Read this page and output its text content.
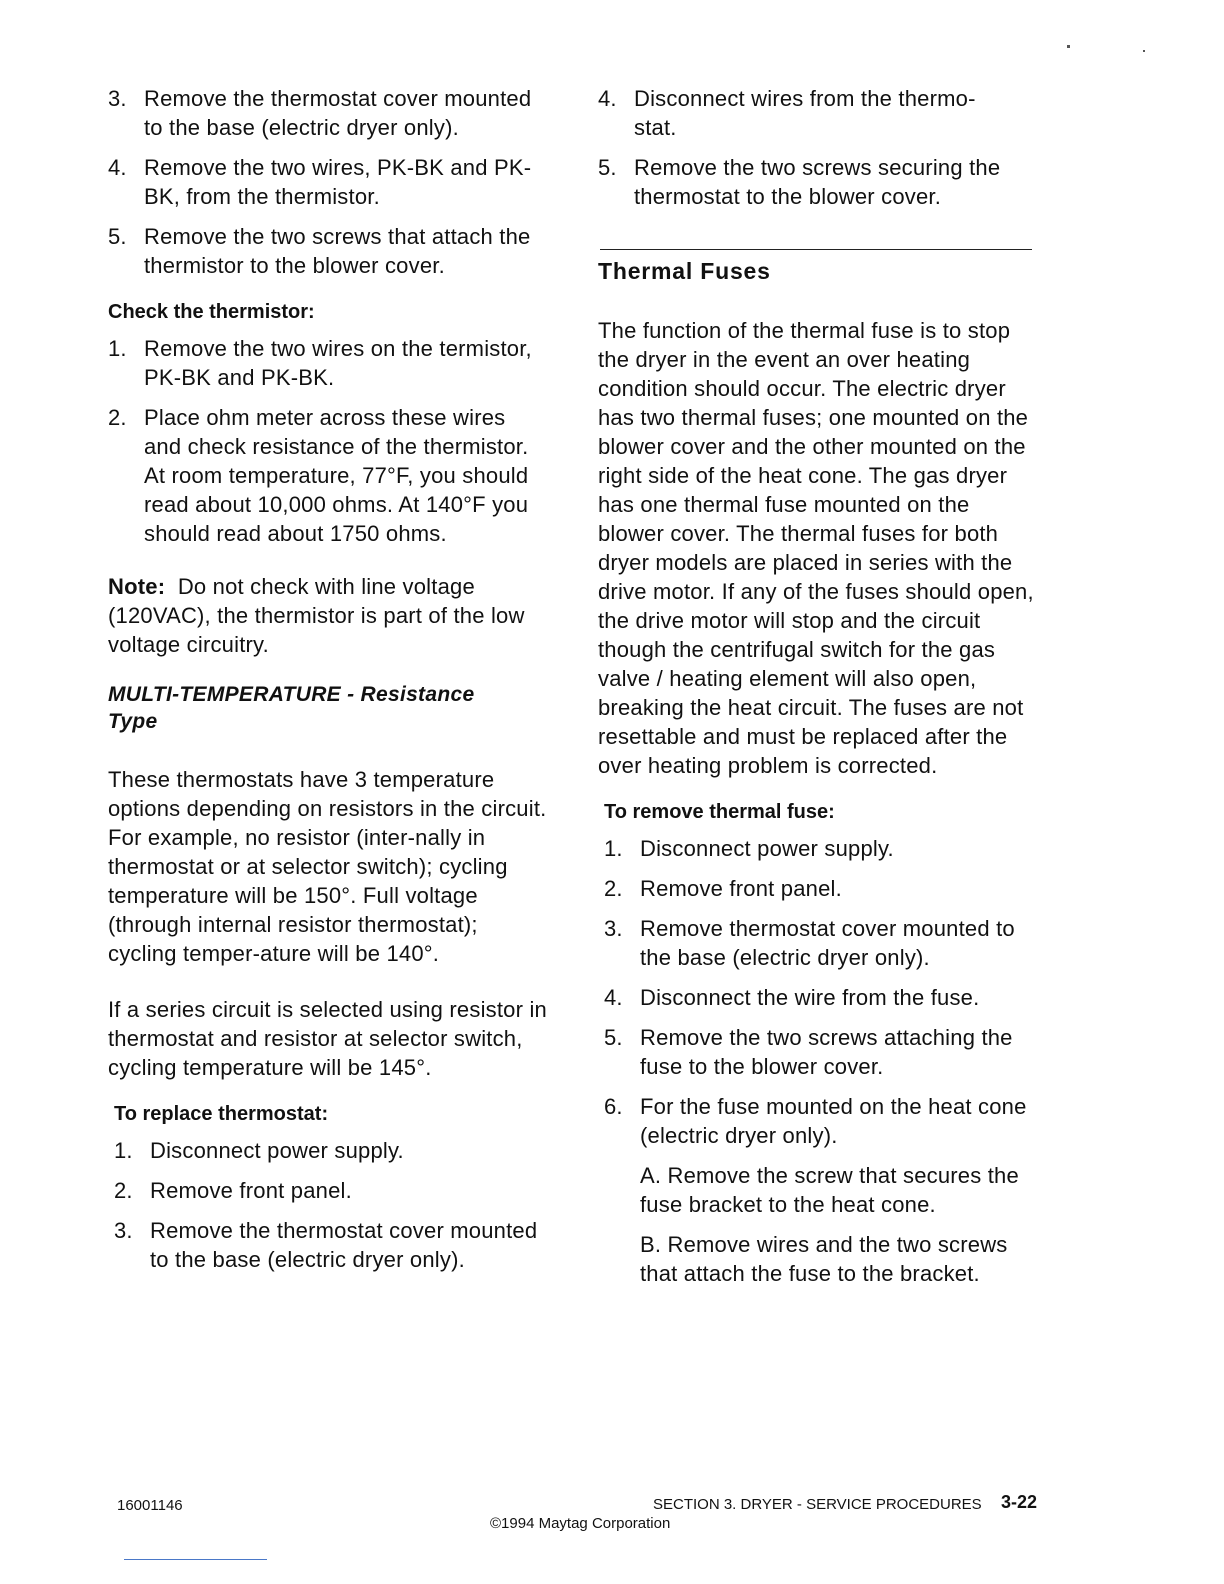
3. Remove the thermostat cover mounted to the base (electric dryer only).
4. Remove the two wires, PK-BK and PK-BK, from the thermistor.
5. Remove the two screws that attach the thermistor to the blower cover.
Check the thermistor:
1. Remove the two wires on the termistor, PK-BK and PK-BK.
2. Place ohm meter across these wires and check resistance of the thermistor. At room temperature, 77°F, you should read about 10,000 ohms. At 140°F you should read about 1750 ohms.
Note: Do not check with line voltage (120VAC), the thermistor is part of the low voltage circuitry.
MULTI-TEMPERATURE - Resistance Type
These thermostats have 3 temperature options depending on resistors in the circuit. For example, no resistor (inter-nally in thermostat or at selector switch); cycling temperature will be 150°. Full voltage (through internal resistor thermostat); cycling temper-ature will be 140°.
If a series circuit is selected using resistor in thermostat and resistor at selector switch, cycling temperature will be 145°.
To replace thermostat:
1. Disconnect power supply.
2. Remove front panel.
3. Remove the thermostat cover mounted to the base (electric dryer only).
4. Disconnect wires from the thermo-stat.
5. Remove the two screws securing the thermostat to the blower cover.
Thermal Fuses
The function of the thermal fuse is to stop the dryer in the event an over heating condition should occur. The electric dryer has two thermal fuses; one mounted on the blower cover and the other mounted on the right side of the heat cone. The gas dryer has one thermal fuse mounted on the blower cover. The thermal fuses for both dryer models are placed in series with the drive motor. If any of the fuses should open, the drive motor will stop and the circuit though the centrifugal switch for the gas valve / heating element will also open, breaking the heat circuit. The fuses are not resettable and must be replaced after the over heating problem is corrected.
To remove thermal fuse:
1. Disconnect power supply.
2. Remove front panel.
3. Remove thermostat cover mounted to the base (electric dryer only).
4. Disconnect the wire from the fuse.
5. Remove the two screws attaching the fuse to the blower cover.
6. For the fuse mounted on the heat cone (electric dryer only).
A. Remove the screw that secures the fuse bracket to the heat cone.
B. Remove wires and the two screws that attach the fuse to the bracket.
16001146	SECTION 3. DRYER - SERVICE PROCEDURES 3-22
©1994 Maytag Corporation
